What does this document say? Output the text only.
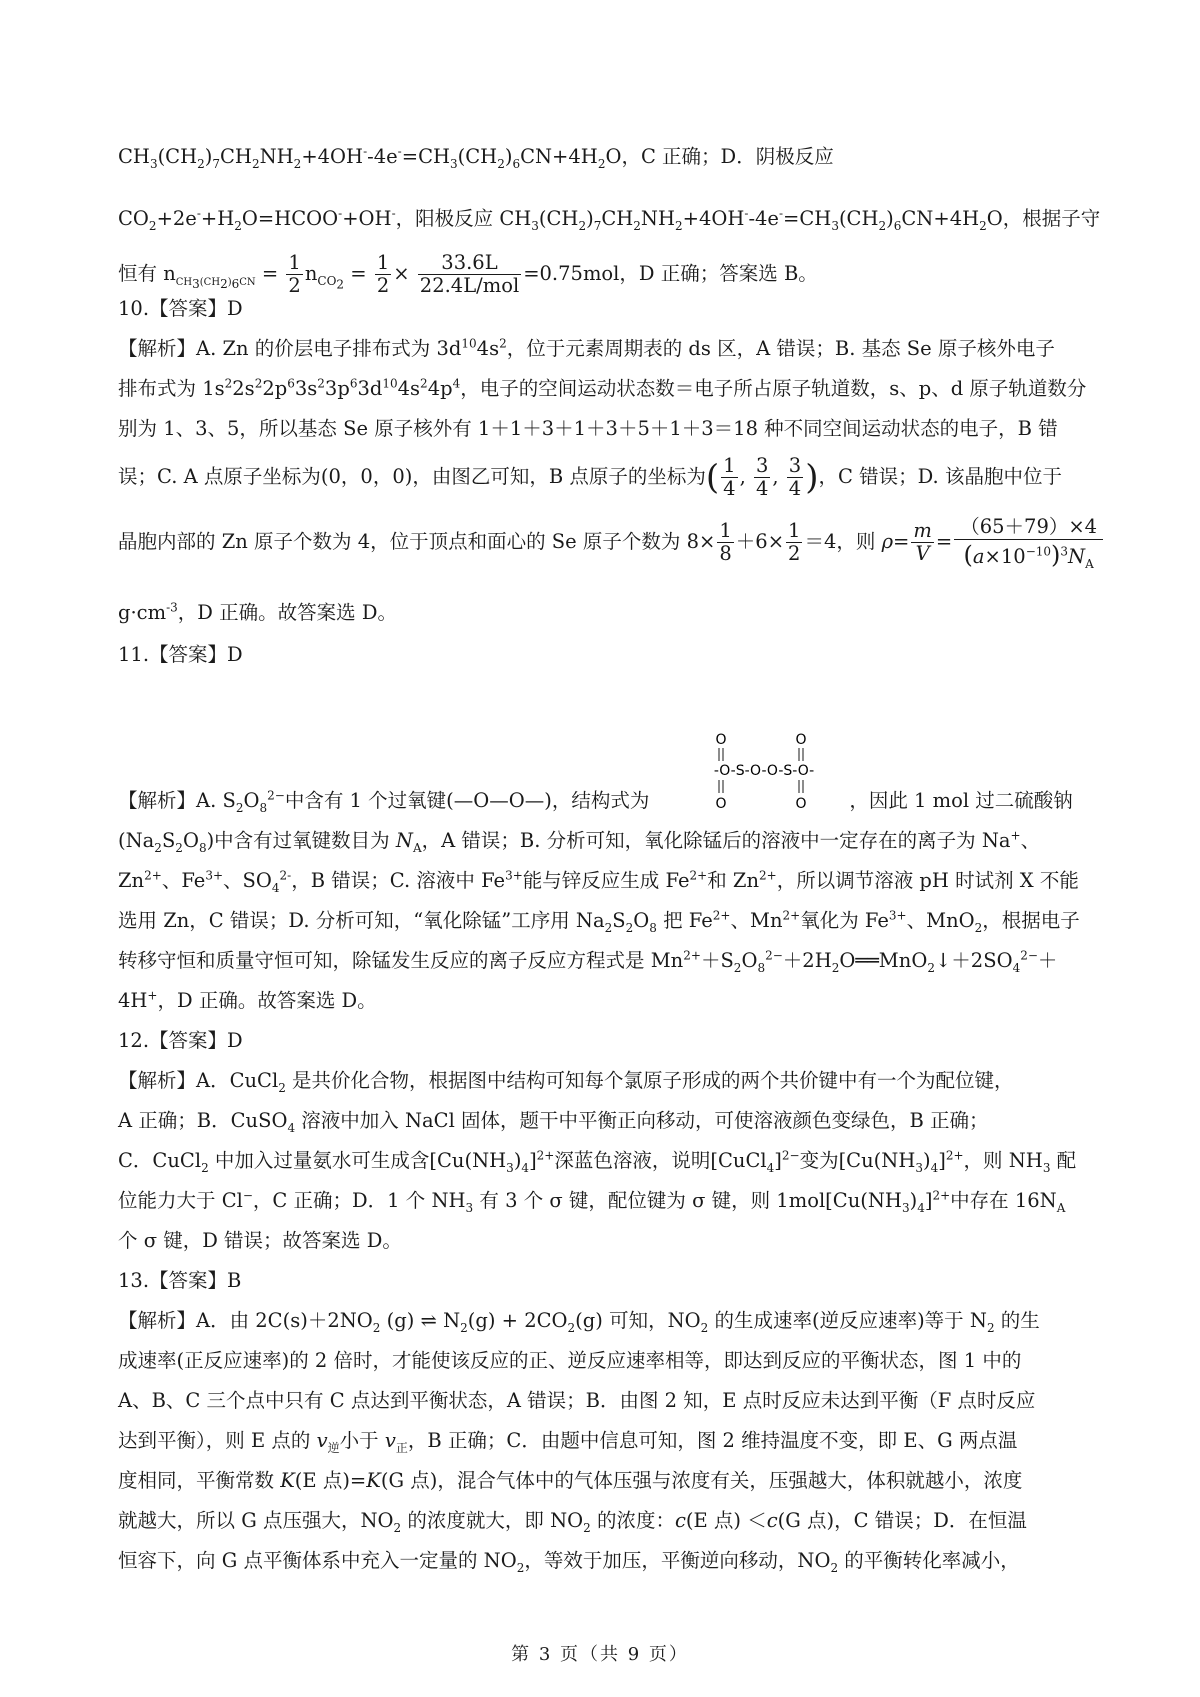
$CH_3(CH_2)_7CH_2NH_2+4OH^--4e^-=CH_3(CH_2)_6CN+4H_2O$，C 正确；D．阴极反应
$CO_2+2e^-+H_2O=HCOO^-+OH^-$，阳极反应 $CH_3(CH_2)_7CH_2NH_2+4OH^--4e^-=CH_3(CH_2)_6CN+4H_2O$，根据子守
恒有 $n_{CH_3(CH_2)_6CN} = \frac{1}{2} n_{CO_2} = \frac{1}{2} \times \frac{33.6L}{\text{22.4L/mol}} =0.75mol$，D 正确；答案选 B。
10.【答案】D
【解析】A. Zn 的价层电子排布式为 $3d^{10}4s^2$，位于元素周期表的 ds 区，A 错误；B. 基态 Se 原子核外电子
排布式为 $1s^22s^22p^63s^23p^63d^{10}4s^24p^4$，电子的空间运动状态数＝电子所占原子轨道数，s、p、d 原子轨道数分
别为 1、3、5，所以基态 Se 原子核外有 1＋1＋3＋1＋3＋5＋1＋3＝18 种不同空间运动状态的电子，B 错
误；C. A 点原子坐标为(0，0，0)，由图乙可知，B 点原子的坐标为( $\frac{1}{4}$ , $\frac{3}{4}$ , $\frac{3}{4}$ )，C 错误；D. 该晶胞中位于
晶胞内部的 Zn 原子个数为 4，位于顶点和面心的 Se 原子个数为 $8\times \frac{1}{8} +6\times \frac{1}{2} =4$，则 $\rho= \frac{m}{V} = \frac{(65+79)\times 4}{(a\times 10^{-10})^3N_A}$
$g\cdot cm^{-3}$，D 正确。故答案选 D。
11.【答案】D
O	O
-O-S-O-O-S-O-
O	O
【解析】A. $S_2O_8^{2-}$中含有 1 个过氧键(—O—O—)，结构式为	，因此 1 mol 过二硫酸钠
$(Na_2S_2O_8)$中含有过氧键数目为 $N_A$，A 错误；B. 分析可知，氧化除锰后的溶液中一定存在的离子为 Na+、
$Zn^{2+}$、$Fe^{3+}$、$SO_4^{2-}$，B 错误；C. 溶液中 $Fe^{3+}$能与锌反应生成 $Fe^{2+}$和 $Zn^{2+}$，所以调节溶液 pH 时试剂 X 不能
选用 Zn，C 错误；D. 分析可知，“氧化除锰”工序用 $Na_2S_2O_8$ 把 $Fe^{2+}$、$Mn^{2+}$氧化为 $Fe^{3+}$、MnO$_2$，根据电子
转移守恒和质量守恒可知，除锰发生反应的离子反应方程式是 $Mn^{2+}+S_2O_8^{2-}+2H_2O══MnO_2↓+2SO_4^{2-}+$
4H+，D 正确。故答案选 D。
12.【答案】D
【解析】A．CuCl$_2$ 是共价化合物，根据图中结构可知每个氯原子形成的两个共价键中有一个为配位键，
A 正确；B．CuSO$_4$ 溶液中加入 NaCl 固体，题干中平衡正向移动，可使溶液颜色变绿色，B 正确；
C．CuCl$_2$ 中加入过量氨水可生成含$[Cu(NH_3)_4]^{2+}$深蓝色溶液，说明[CuCl$_4$]$^{2-}$变为$[Cu(NH_3)_4]^{2+}$，则 $NH_3$ 配
位能力大于 Cl−，C 正确；D．1 个 $NH_3$ 有 3 个 σ 键，配位键为 σ 键，则 $1mol[Cu(NH_3)_4]^{2+}$中存在 $16N_A$
个 σ 键，D 错误；故答案选 D。
13.【答案】B
【解析】A．由 $2C(s)+2NO_2$ (g) ⇌ $N_2(g) + 2CO_2(g)$ 可知，$NO_2$ 的生成速率(逆反应速率)等于 $N_2$ 的生
成速率(正反应速率)的 2 倍时，才能使该反应的正、逆反应速率相等，即达到反应的平衡状态，图 1 中的
A、B、C 三个点中只有 C 点达到平衡状态，A 错误；B．由图 2 知，E 点时反应未达到平衡（F 点时反应
达到平衡），则 E 点的 $v_逆$小于 $v_正$，B 正确；C．由题中信息可知，图 2 维持温度不变，即 E、G 两点温
度相同，平衡常数 K(E 点)=K(G 点)，混合气体中的气体压强与浓度有关，压强越大，体积就越小，浓度
就越大，所以 G 点压强大，$NO_2$ 的浓度就大，即 $NO_2$ 的浓度：c(E 点) ＜c(G 点)，C 错误；D．在恒温
恒容下，向 G 点平衡体系中充入一定量的 $NO_2$，等效于加压，平衡逆向移动，$NO_2$ 的平衡转化率减小，
第 3 页（共 9 页）
